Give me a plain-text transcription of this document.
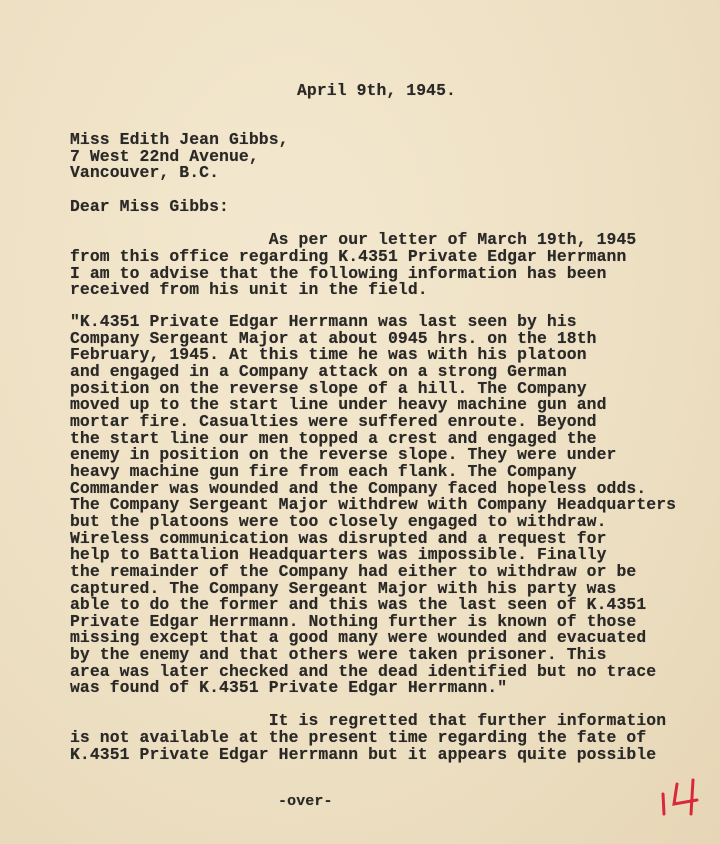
April 9th, 1945.
Miss Edith Jean Gibbs,
7 West 22nd Avenue,
Vancouver, B.C.
Dear Miss Gibbs:
As per our letter of March 19th, 1945
from this office regarding K.4351 Private Edgar Herrmann
I am to advise that the following information has been
received from his unit in the field.
"K.4351 Private Edgar Herrmann was last seen by his
Company Sergeant Major at about 0945 hrs. on the 18th
February, 1945. At this time he was with his platoon
and engaged in a Company attack on a strong German
position on the reverse slope of a hill. The Company
moved up to the start line under heavy machine gun and
mortar fire. Casualties were suffered enroute. Beyond
the start line our men topped a crest and engaged the
enemy in position on the reverse slope. They were under
heavy machine gun fire from each flank. The Company
Commander was wounded and the Company faced hopeless odds.
The Company Sergeant Major withdrew with Company Headquarters
but the platoons were too closely engaged to withdraw.
Wireless communication was disrupted and a request for
help to Battalion Headquarters was impossible. Finally
the remainder of the Company had either to withdraw or be
captured. The Company Sergeant Major with his party was
able to do the former and this was the last seen of K.4351
Private Edgar Herrmann. Nothing further is known of those
missing except that a good many were wounded and evacuated
by the enemy and that others were taken prisoner. This
area was later checked and the dead identified but no trace
was found of K.4351 Private Edgar Herrmann."
It is regretted that further information
is not available at the present time regarding the fate of
K.4351 Private Edgar Herrmann but it appears quite possible
-over-
